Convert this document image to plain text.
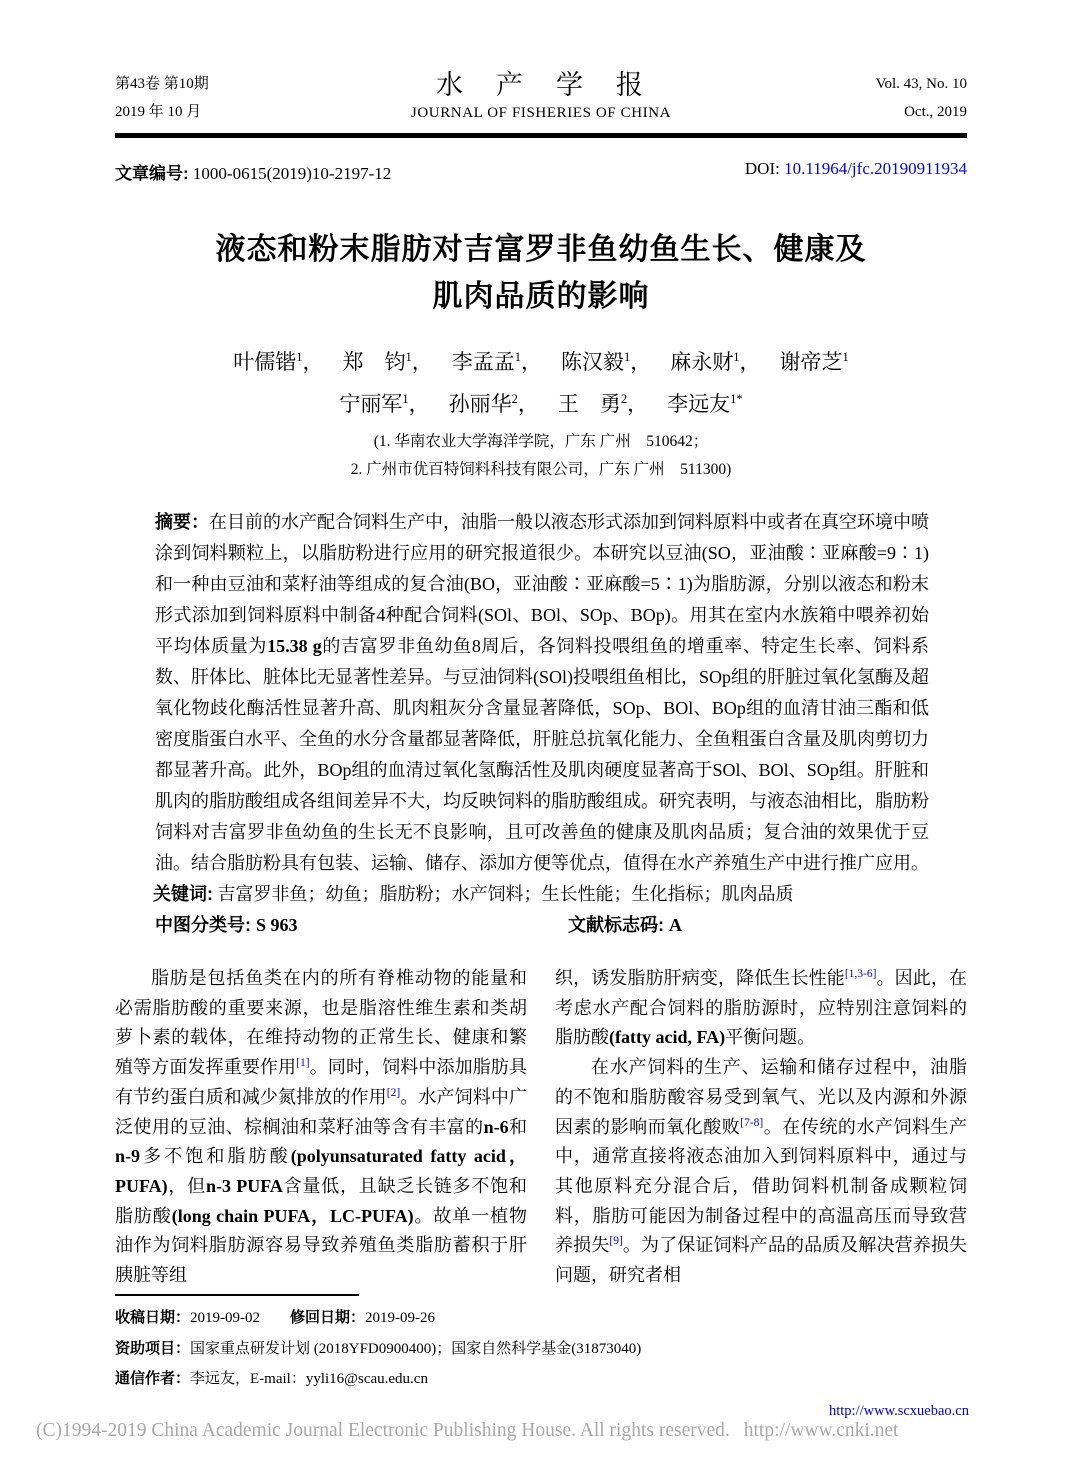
第43卷 第10期
2019 年 10 月
水　产　学　报
JOURNAL OF FISHERIES OF CHINA
Vol. 43, No. 10
Oct., 2019
文章编号: 1000-0615(2019)10-2197-12	DOI: 10.11964/jfc.20190911934
液态和粉末脂肪对吉富罗非鱼幼鱼生长、健康及
肌肉品质的影响
叶儒锴$^1$， 郑　钧$^1$， 李孟孟$^1$， 陈汉毅$^1$， 麻永财$^1$， 谢帝芝$^1$
宁丽军$^1$， 孙丽华$^2$， 王　勇$^2$， 李远友$^{1*}$
(1. 华南农业大学海洋学院，广东 广州　510642；
2. 广州市优百特饲料科技有限公司，广东 广州　511300)

摘要：在目前的水产配合饲料生产中，油脂一般以液态形式添加到饲料原料中或者在真空环境中喷涂到饲料颗粒上，以脂肪粉进行应用的研究报道很少。本研究以豆油(SO，亚油酸∶亚麻酸=9∶1)和一种由豆油和菜籽油等组成的复合油(BO，亚油酸∶亚麻酸=5∶1)为脂肪源，分别以液态和粉末形式添加到饲料原料中制备4种配合饲料(SOl、BOl、SOp、BOp)。用其在室内水族箱中喂养初始平均体质量为15.38 g的吉富罗非鱼幼鱼8周后，各饲料投喂组鱼的增重率、特定生长率、饲料系数、肝体比、脏体比无显著性差异。与豆油饲料(SOl)投喂组鱼相比，SOp组的肝脏过氧化氢酶及超氧化物歧化酶活性显著升高、肌肉粗灰分含量显著降低，SOp、BOl、BOp组的血清甘油三酯和低密度脂蛋白水平、全鱼的水分含量都显著降低，肝脏总抗氧化能力、全鱼粗蛋白含量及肌肉剪切力都显著升高。此外，BOp组的血清过氧化氢酶活性及肌肉硬度显著高于SOl、BOl、SOp组。肝脏和肌肉的脂肪酸组成各组间差异不大，均反映饲料的脂肪酸组成。研究表明，与液态油相比，脂肪粉饲料对吉富罗非鱼幼鱼的生长无不良影响，且可改善鱼的健康及肌肉品质；复合油的效果优于豆油。结合脂肪粉具有包装、运输、储存、添加方便等优点，值得在水产养殖生产中进行推广应用。

关键词: 吉富罗非鱼；幼鱼；脂肪粉；水产饲料；生长性能；生化指标；肌肉品质
中图分类号: S 963	文献标志码: A

脂肪是包括鱼类在内的所有脊椎动物的能量和必需脂肪酸的重要来源，也是脂溶性维生素和类胡萝卜素的载体，在维持动物的正常生长、健康和繁殖等方面发挥重要作用[1]。同时，饲料中添加脂肪具有节约蛋白质和减少氮排放的作用[2]。水产饲料中广泛使用的豆油、棕榈油和菜籽油等含有丰富的n-6和n-9多不饱和脂肪酸(polyunsaturated fatty acid，PUFA)，但n-3 PUFA含量低，且缺乏长链多不饱和脂肪酸(long chain PUFA，LC-PUFA)。故单一植物油作为饲料脂肪源容易导致养殖鱼类脂肪蓄积于肝胰脏等组

织，诱发脂肪肝病变，降低生长性能[1,3-6]。因此，在考虑水产配合饲料的脂肪源时，应特别注意饲料的脂肪酸(fatty acid, FA)平衡问题。

在水产饲料的生产、运输和储存过程中，油脂的不饱和脂肪酸容易受到氧气、光以及内源和外源因素的影响而氧化酸败[7-8]。在传统的水产饲料生产中，通常直接将液态油加入到饲料原料中，通过与其他原料充分混合后，借助饲料机制备成颗粒饲料，脂肪可能因为制备过程中的高温高压而导致营养损失[9]。为了保证饲料产品的品质及解决营养损失问题，研究者相

收稿日期：2019-09-02 修回日期：2019-09-26
资助项目：国家重点研发计划 (2018YFD0900400)；国家自然科学基金(31873040)
通信作者：李远友，E-mail：yyli16@scau.edu.cn
http://www.scxuebao.cn
(C)1994-2019 China Academic Journal Electronic Publishing House. All rights reserved. http://www.cnki.net
